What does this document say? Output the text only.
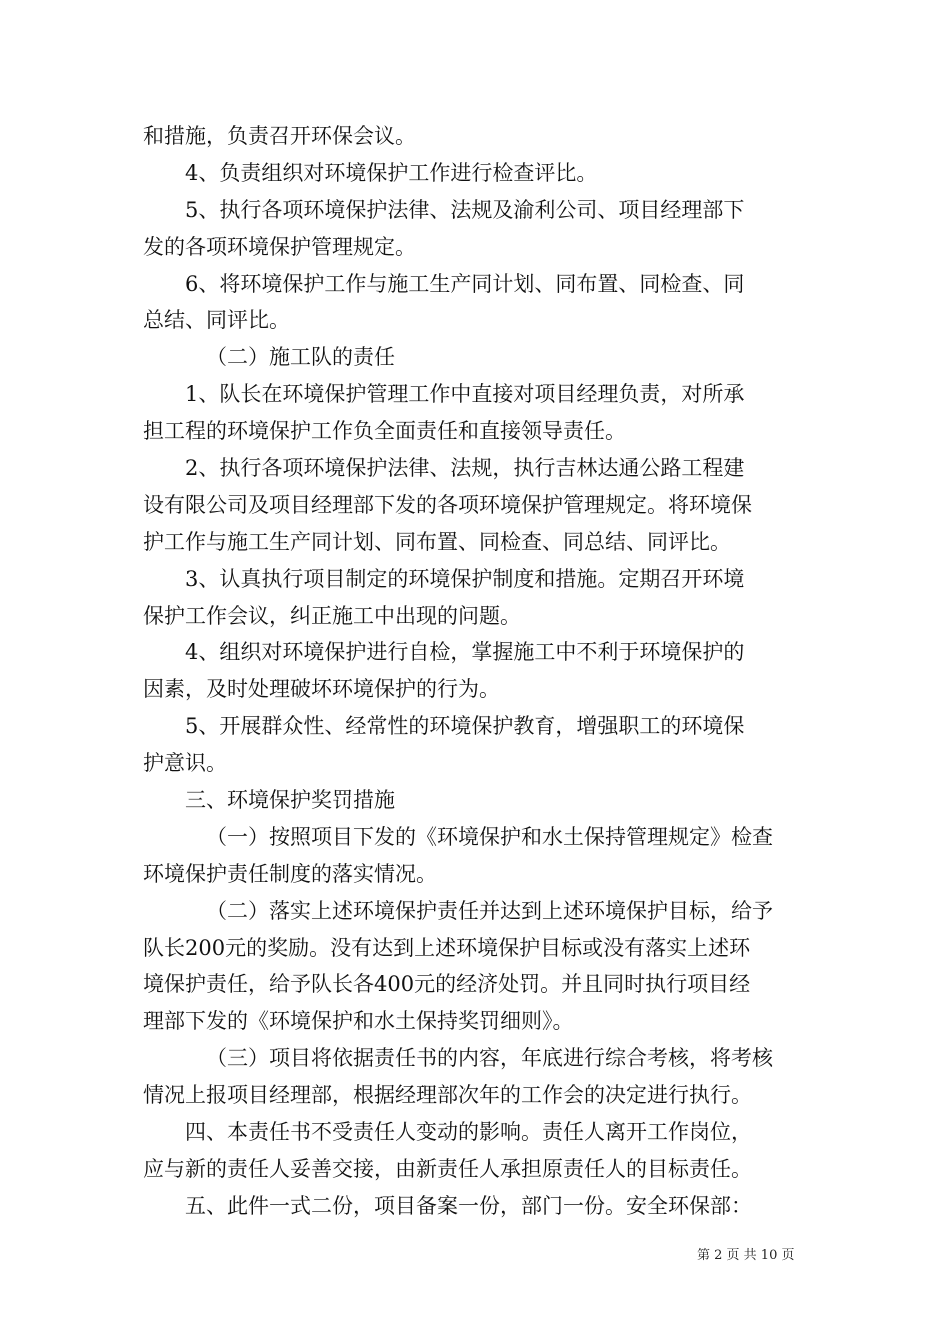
和措施，负责召开环保会议。
4、负责组织对环境保护工作进行检查评比。
5、执行各项环境保护法律、法规及渝利公司、项目经理部下
发的各项环境保护管理规定。
6、将环境保护工作与施工生产同计划、同布置、同检查、同
总结、同评比。
（二）施工队的责任
1、队长在环境保护管理工作中直接对项目经理负责，对所承
担工程的环境保护工作负全面责任和直接领导责任。
2、执行各项环境保护法律、法规，执行吉林达通公路工程建
设有限公司及项目经理部下发的各项环境保护管理规定。将环境保
护工作与施工生产同计划、同布置、同检查、同总结、同评比。
3、认真执行项目制定的环境保护制度和措施。定期召开环境
保护工作会议，纠正施工中出现的问题。
4、组织对环境保护进行自检，掌握施工中不利于环境保护的
因素，及时处理破坏环境保护的行为。
5、开展群众性、经常性的环境保护教育，增强职工的环境保
护意识。
三、环境保护奖罚措施
（一）按照项目下发的《环境保护和水土保持管理规定》检查
环境保护责任制度的落实情况。
（二）落实上述环境保护责任并达到上述环境保护目标，给予
队长200元的奖励。没有达到上述环境保护目标或没有落实上述环
境保护责任，给予队长各400元的经济处罚。并且同时执行项目经
理部下发的《环境保护和水土保持奖罚细则》。
（三）项目将依据责任书的内容，年底进行综合考核，将考核
情况上报项目经理部，根据经理部次年的工作会的决定进行执行。
四、本责任书不受责任人变动的影响。责任人离开工作岗位，
应与新的责任人妥善交接，由新责任人承担原责任人的目标责任。
五、此件一式二份，项目备案一份，部门一份。安全环保部：
第 2 页 共 10 页
